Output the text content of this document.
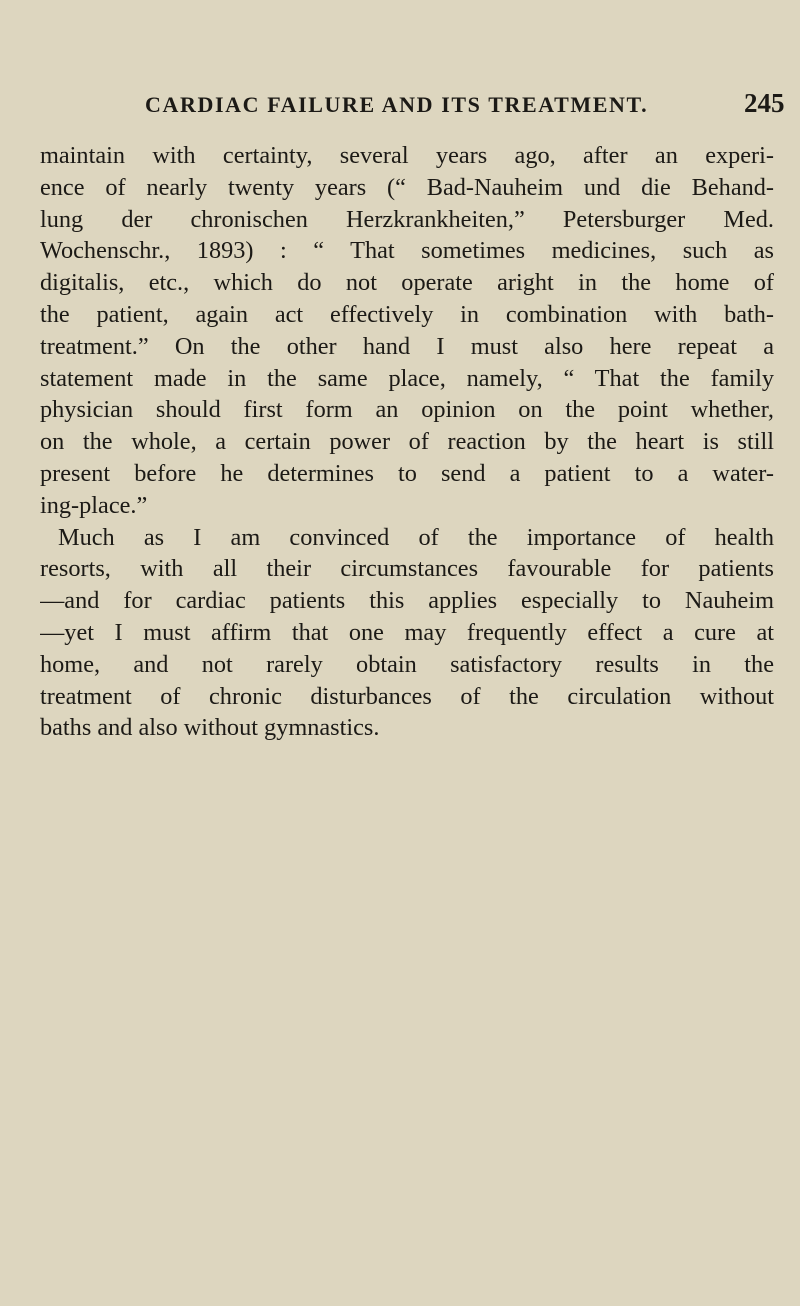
CARDIAC FAILURE AND ITS TREATMENT.	245
maintain with certainty, several years ago, after an experi-
ence of nearly twenty years (“ Bad-Nauheim und die Behand-
lung der chronischen Herzkrankheiten,” Petersburger Med.
Wochenschr., 1893) : “ That sometimes medicines, such as
digitalis, etc., which do not operate aright in the home of
the patient, again act effectively in combination with bath-
treatment.” On the other hand I must also here repeat a
statement made in the same place, namely, “ That the family
physician should first form an opinion on the point whether,
on the whole, a certain power of reaction by the heart is still
present before he determines to send a patient to a water-
ing-place.”
Much as I am convinced of the importance of health
resorts, with all their circumstances favourable for patients
—and for cardiac patients this applies especially to Nauheim
—yet I must affirm that one may frequently effect a cure at
home, and not rarely obtain satisfactory results in the
treatment of chronic disturbances of the circulation without
baths and also without gymnastics.
